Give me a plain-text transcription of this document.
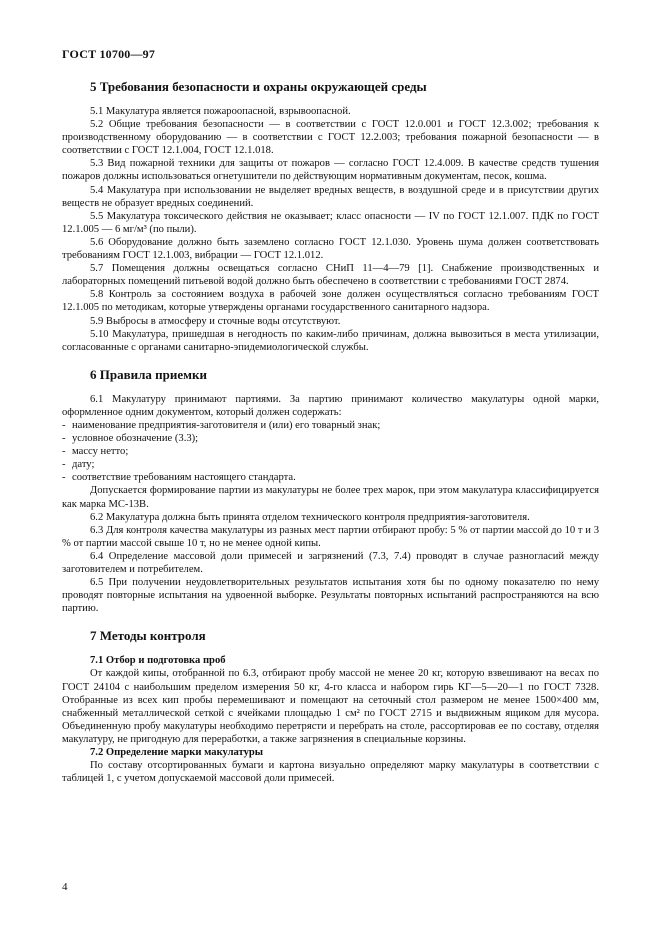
ГОСТ 10700—97
5 Требования безопасности и охраны окружающей среды

5.1 Макулатура является пожароопасной, взрывоопасной.

5.2 Общие требования безопасности — в соответствии с ГОСТ 12.0.001 и ГОСТ 12.3.002; требования к производственному оборудованию — в соответствии с ГОСТ 12.2.003; требования пожарной безопасности — в соответствии с ГОСТ 12.1.004, ГОСТ 12.1.018.

5.3 Вид пожарной техники для защиты от пожаров — согласно ГОСТ 12.4.009. В качестве средств тушения пожаров должны использоваться огнетушители по действующим нормативным документам, песок, кошма.

5.4 Макулатура при использовании не выделяет вредных веществ, в воздушной среде и в присутствии других веществ не образует вредных соединений.

5.5 Макулатура токсического действия не оказывает; класс опасности — IV по ГОСТ 12.1.007. ПДК по ГОСТ 12.1.005 — 6 мг/м³ (по пыли).

5.6 Оборудование должно быть заземлено согласно ГОСТ 12.1.030. Уровень шума должен соответствовать требованиям ГОСТ 12.1.003, вибрации — ГОСТ 12.1.012.

5.7 Помещения должны освещаться согласно СНиП 11—4—79 [1]. Снабжение производственных и лабораторных помещений питьевой водой должно быть обеспечено в соответствии с требованиями ГОСТ 2874.

5.8 Контроль за состоянием воздуха в рабочей зоне должен осуществляться согласно требованиям ГОСТ 12.1.005 по методикам, которые утверждены органами государственного санитарного надзора.

5.9 Выбросы в атмосферу и сточные воды отсутствуют.

5.10 Макулатура, пришедшая в негодность по каким-либо причинам, должна вывозиться в места утилизации, согласованные с органами санитарно-эпидемиологической службы.

6 Правила приемки

6.1 Макулатуру принимают партиями. За партию принимают количество макулатуры одной марки, оформленное одним документом, который должен содержать:

- наименование предприятия-заготовителя и (или) его товарный знак;
- условное обозначение (3.3);
- массу нетто;
- дату;
- соответствие требованиям настоящего стандарта.

Допускается формирование партии из макулатуры не более трех марок, при этом макулатура классифицируется как марка МС-13В.

6.2 Макулатура должна быть принята отделом технического контроля предприятия-заготовителя.

6.3 Для контроля качества макулатуры из разных мест партии отбирают пробу: 5 % от партии массой до 10 т и 3 % от партии массой свыше 10 т, но не менее одной кипы.

6.4 Определение массовой доли примесей и загрязнений (7.3, 7.4) проводят в случае разногласий между заготовителем и потребителем.

6.5 При получении неудовлетворительных результатов испытания хотя бы по одному показателю по нему проводят повторные испытания на удвоенной выборке. Результаты повторных испытаний распространяются на всю партию.

7 Методы контроля
7.1 Отбор и подготовка проб

От каждой кипы, отобранной по 6.3, отбирают пробу массой не менее 20 кг, которую взвешивают на весах по ГОСТ 24104 с наибольшим пределом измерения 50 кг, 4-го класса и набором гирь КГ—5—20—1 по ГОСТ 7328. Отобранные из всех кип пробы перемешивают и помещают на сеточный стол размером не менее 1500×400 мм, снабженный металлической сеткой с ячейками площадью 1 см² по ГОСТ 2715 и выдвижным ящиком для мусора. Объединенную пробу макулатуры необходимо перетрясти и перебрать на столе, рассортировав ее по составу, отделяя макулатуру, не пригодную для переработки, а также загрязнения в специальные корзины.

7.2 Определение марки макулатуры

По составу отсортированных бумаги и картона визуально определяют марку макулатуры в соответствии с таблицей 1, с учетом допускаемой массовой доли примесей.

4
